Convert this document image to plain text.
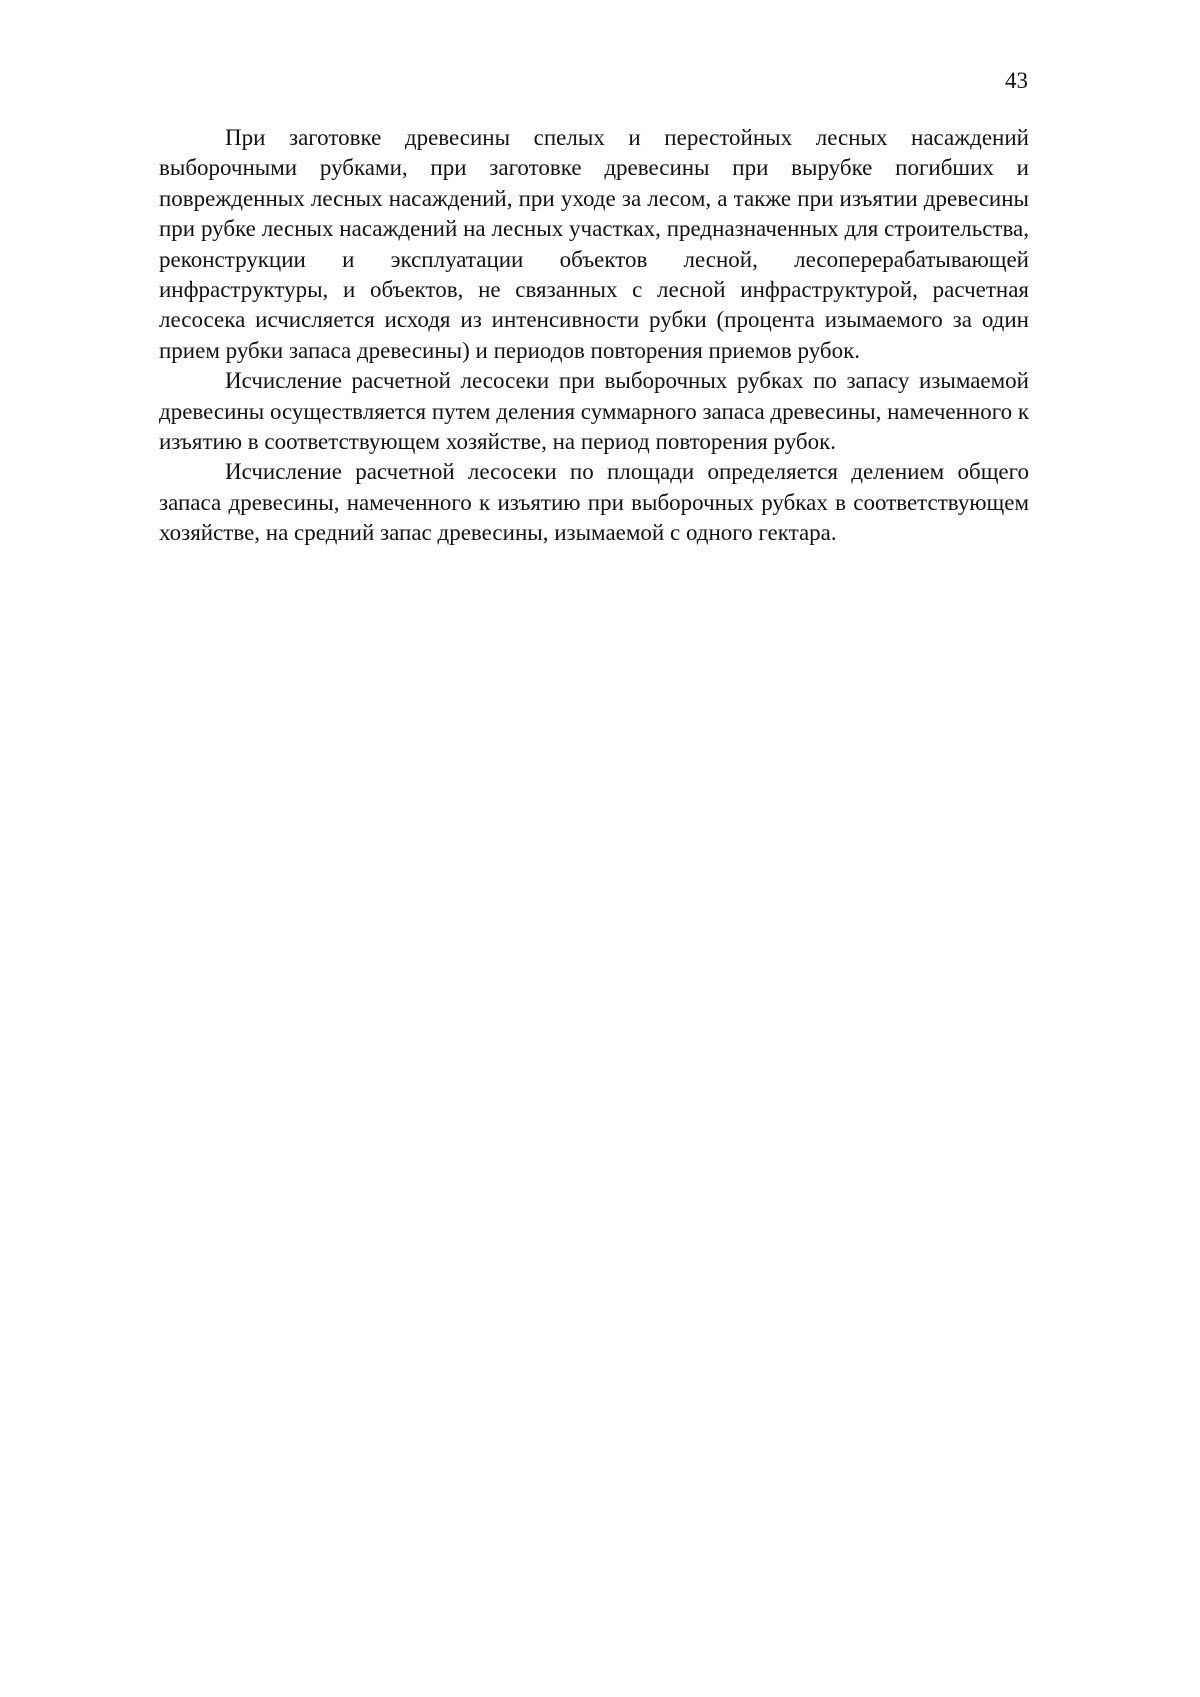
43

При заготовке древесины спелых и перестойных лесных насаждений выборочными рубками, при заготовке древесины при вырубке погибших и поврежденных лесных насаждений, при уходе за лесом, а также при изъятии древесины при рубке лесных насаждений на лесных участках, предназначенных для строительства, реконструкции и эксплуатации объектов лесной, лесоперерабатывающей инфраструктуры, и объектов, не связанных с лесной инфраструктурой, расчетная лесосека исчисляется исходя из интенсивности рубки (процента изымаемого за один прием рубки запаса древесины) и периодов повторения приемов рубок.

Исчисление расчетной лесосеки при выборочных рубках по запасу изымаемой древесины осуществляется путем деления суммарного запаса древесины, намеченного к изъятию в соответствующем хозяйстве, на период повторения рубок.

Исчисление расчетной лесосеки по площади определяется делением общего запаса древесины, намеченного к изъятию при выборочных рубках в соответствующем хозяйстве, на средний запас древесины, изымаемой с одного гектара.
